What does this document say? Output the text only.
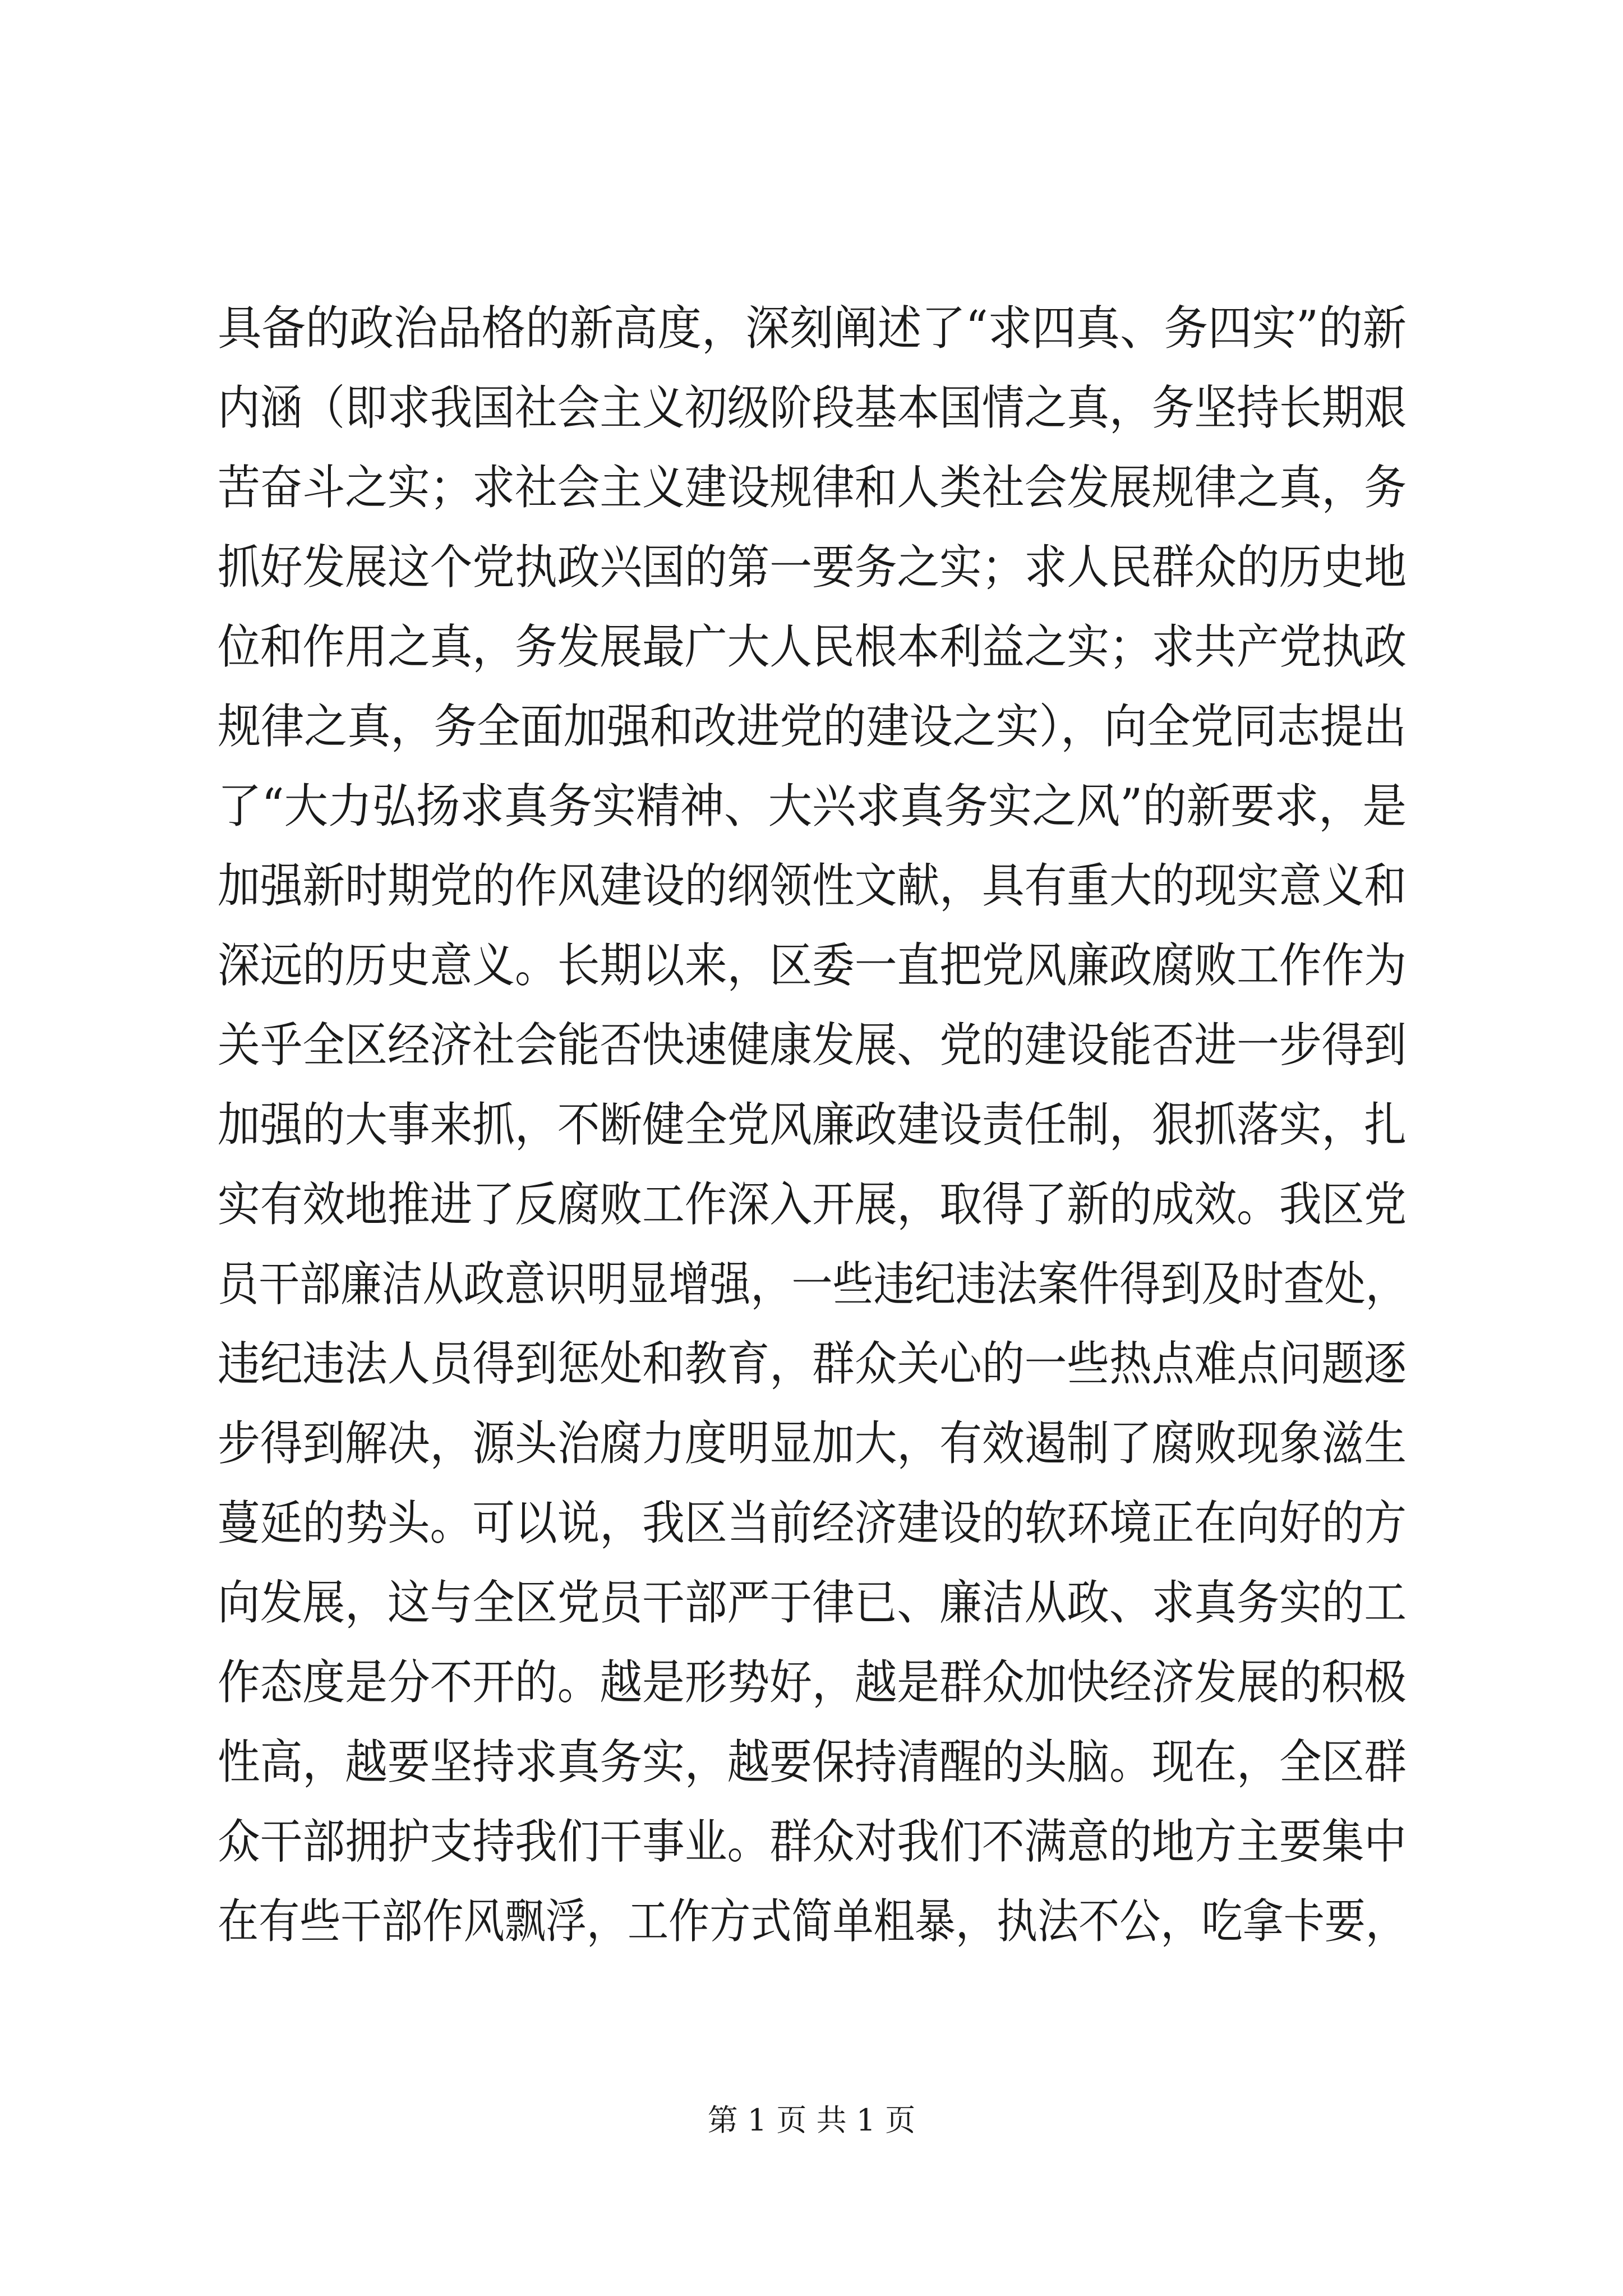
具备的政治品格的新高度，深刻阐述了“求四真、务四实”的新
内涵（即求我国社会主义初级阶段基本国情之真，务坚持长期艰
苦奋斗之实；求社会主义建设规律和人类社会发展规律之真，务
抓好发展这个党执政兴国的第一要务之实；求人民群众的历史地
位和作用之真，务发展最广大人民根本利益之实；求共产党执政
规律之真，务全面加强和改进党的建设之实），向全党同志提出
了“大力弘扬求真务实精神、大兴求真务实之风”的新要求，是
加强新时期党的作风建设的纲领性文献，具有重大的现实意义和
深远的历史意义。长期以来，区委一直把党风廉政腐败工作作为
关乎全区经济社会能否快速健康发展、党的建设能否进一步得到
加强的大事来抓，不断健全党风廉政建设责任制，狠抓落实，扎
实有效地推进了反腐败工作深入开展，取得了新的成效。我区党
员干部廉洁从政意识明显增强，一些违纪违法案件得到及时查处，
违纪违法人员得到惩处和教育，群众关心的一些热点难点问题逐
步得到解决，源头治腐力度明显加大，有效遏制了腐败现象滋生
蔓延的势头。可以说，我区当前经济建设的软环境正在向好的方
向发展，这与全区党员干部严于律已、廉洁从政、求真务实的工
作态度是分不开的。越是形势好，越是群众加快经济发展的积极
性高，越要坚持求真务实，越要保持清醒的头脑。现在，全区群
众干部拥护支持我们干事业。群众对我们不满意的地方主要集中
在有些干部作风飘浮，工作方式简单粗暴，执法不公，吃拿卡要，
第 1 页 共 1 页
